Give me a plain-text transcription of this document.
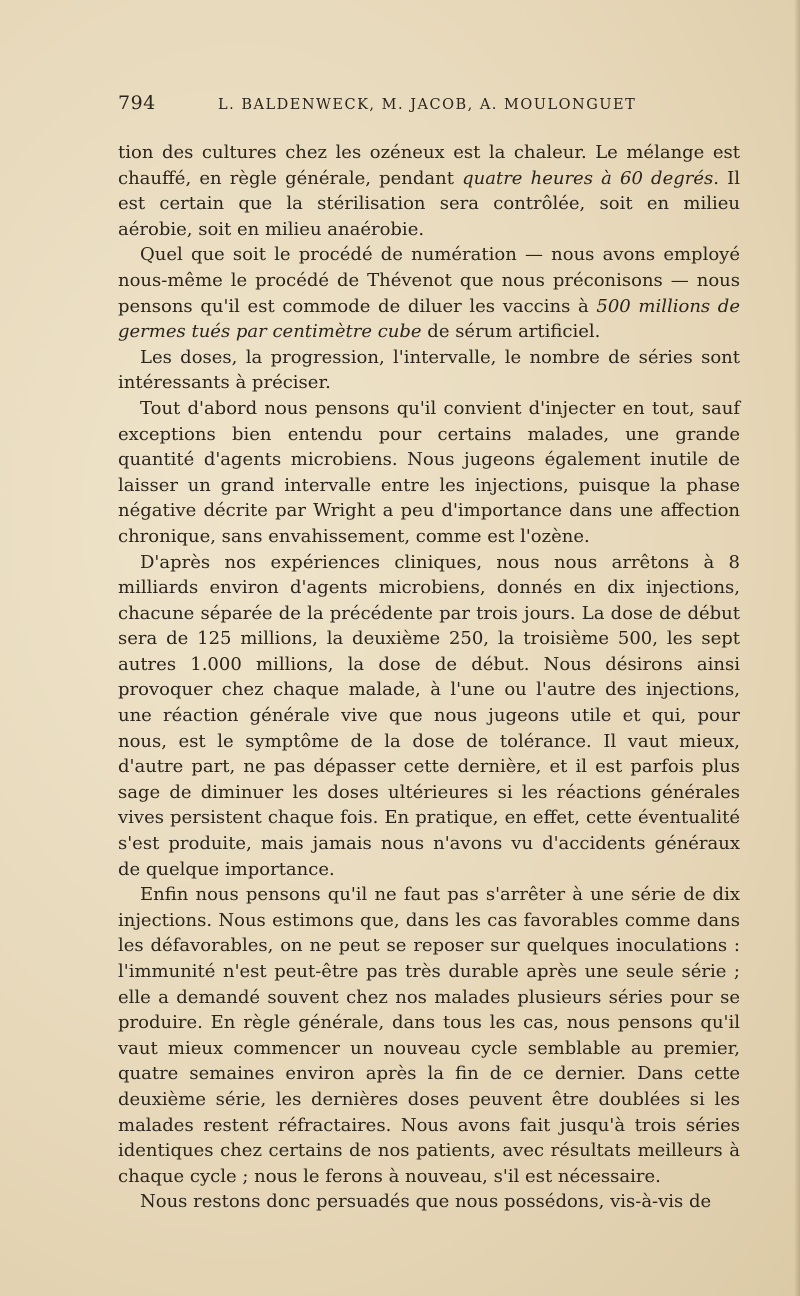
794	L. BALDENWECK, M. JACOB, A. MOULONGUET

tion des cultures chez les ozéneux est la chaleur. Le mélange est chauffé, en règle générale, pendant quatre heures à 60 degrés. Il est certain que la stérilisation sera contrôlée, soit en milieu aérobie, soit en milieu anaérobie.

Quel que soit le procédé de numération — nous avons employé nous-même le procédé de Thévenot que nous préconisons — nous pensons qu'il est commode de diluer les vaccins à 500 millions de germes tués par centimètre cube de sérum artificiel.

Les doses, la progression, l'intervalle, le nombre de séries sont intéressants à préciser.

Tout d'abord nous pensons qu'il convient d'injecter en tout, sauf exceptions bien entendu pour certains malades, une grande quantité d'agents microbiens. Nous jugeons également inutile de laisser un grand intervalle entre les injections, puisque la phase négative décrite par Wright a peu d'importance dans une affection chronique, sans envahissement, comme est l'ozène.

D'après nos expériences cliniques, nous nous arrêtons à 8 milliards environ d'agents microbiens, donnés en dix injections, chacune séparée de la précédente par trois jours. La dose de début sera de 125 millions, la deuxième 250, la troisième 500, les sept autres 1.000 millions, la dose de début. Nous désirons ainsi provoquer chez chaque malade, à l'une ou l'autre des injections, une réaction générale vive que nous jugeons utile et qui, pour nous, est le symptôme de la dose de tolérance. Il vaut mieux, d'autre part, ne pas dépasser cette dernière, et il est parfois plus sage de diminuer les doses ultérieures si les réactions générales vives persistent chaque fois. En pratique, en effet, cette éventualité s'est produite, mais jamais nous n'avons vu d'accidents généraux de quelque importance.

Enfin nous pensons qu'il ne faut pas s'arrêter à une série de dix injections. Nous estimons que, dans les cas favorables comme dans les défavorables, on ne peut se reposer sur quelques inoculations : l'immunité n'est peut-être pas très durable après une seule série ; elle a demandé souvent chez nos malades plusieurs séries pour se produire. En règle générale, dans tous les cas, nous pensons qu'il vaut mieux commencer un nouveau cycle semblable au premier, quatre semaines environ après la fin de ce dernier. Dans cette deuxième série, les dernières doses peuvent être doublées si les malades restent réfractaires. Nous avons fait jusqu'à trois séries identiques chez certains de nos patients, avec résultats meilleurs à chaque cycle ; nous le ferons à nouveau, s'il est nécessaire.

Nous restons donc persuadés que nous possédons, vis-à-vis de
